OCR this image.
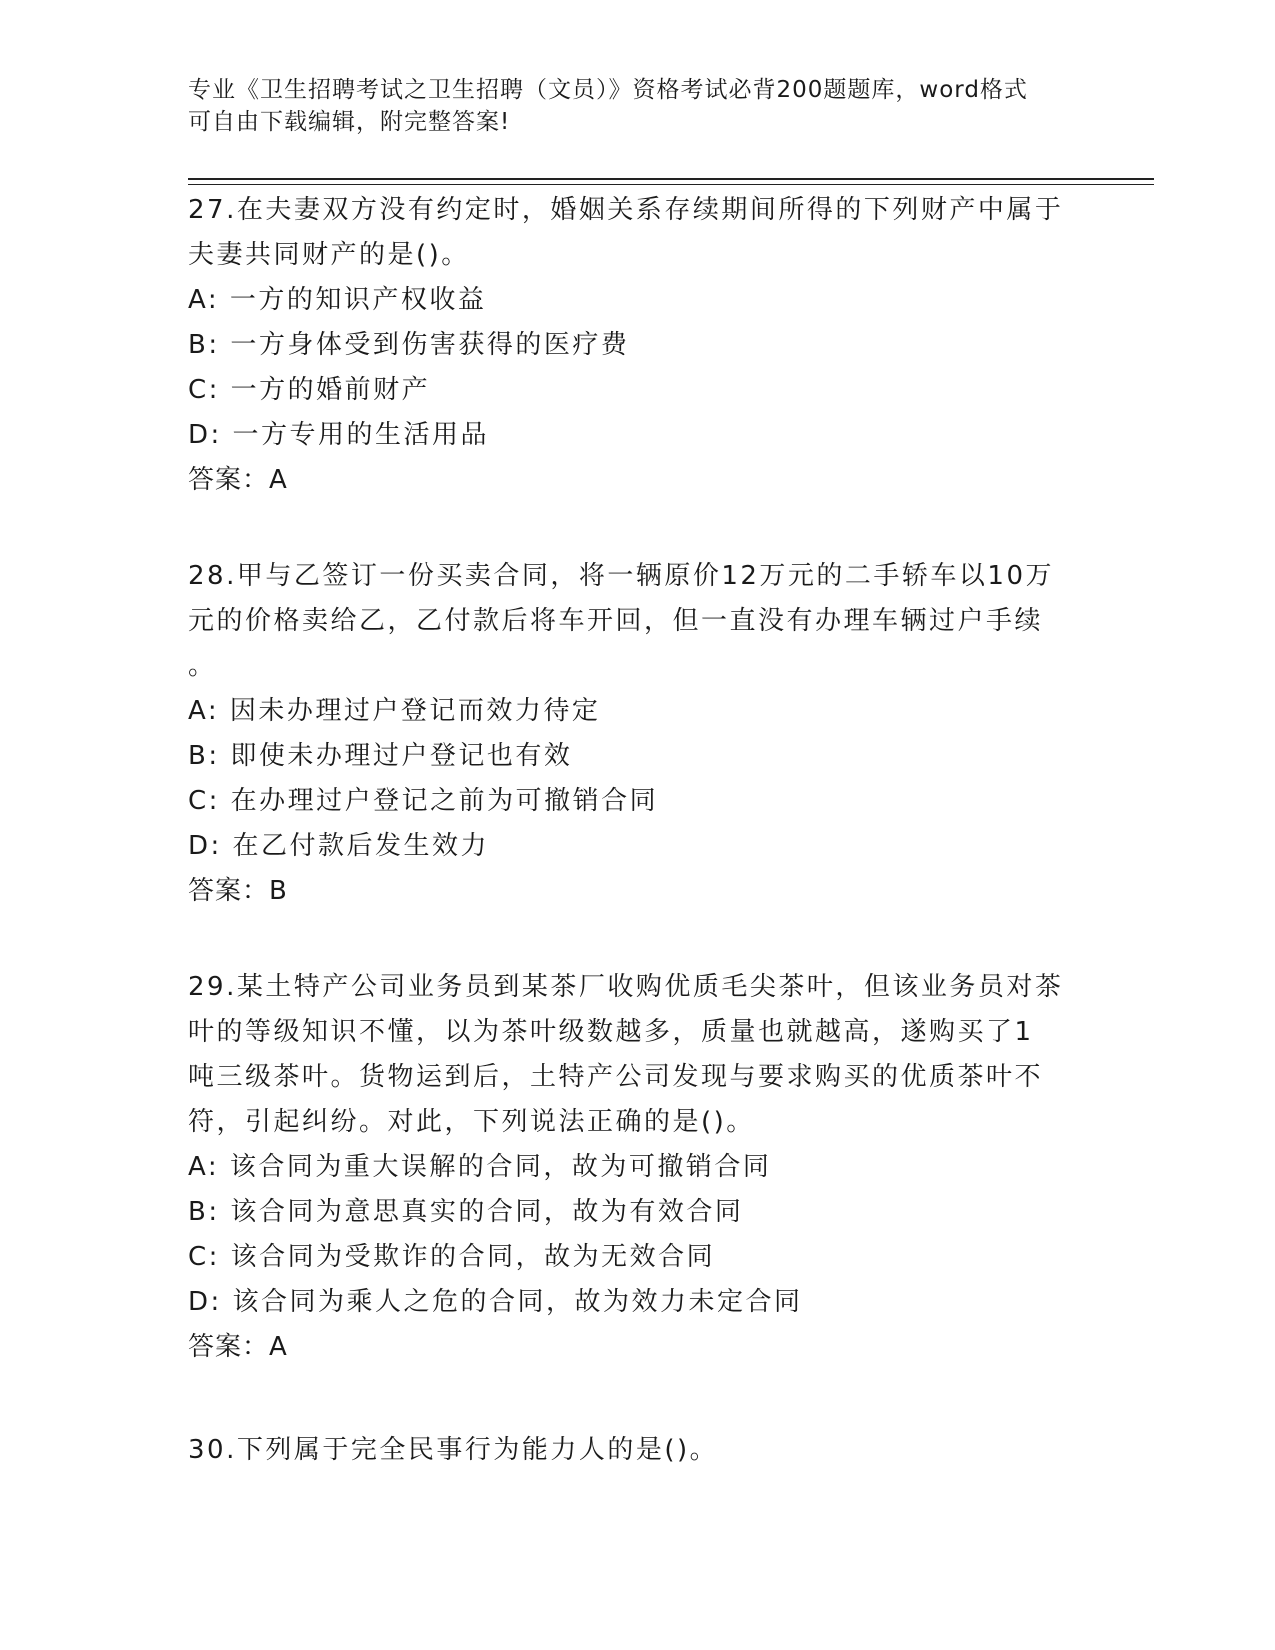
专业《卫生招聘考试之卫生招聘（文员）》资格考试必背200题题库，word格式
可自由下载编辑，附完整答案!
27.在夫妻双方没有约定时，婚姻关系存续期间所得的下列财产中属于
夫妻共同财产的是()。
A: 一方的知识产权收益
B: 一方身体受到伤害获得的医疗费
C: 一方的婚前财产
D: 一方专用的生活用品
答案：A
28.甲与乙签订一份买卖合同，将一辆原价12万元的二手轿车以10万
元的价格卖给乙，乙付款后将车开回，但一直没有办理车辆过户手续
。
A: 因未办理过户登记而效力待定
B: 即使未办理过户登记也有效
C: 在办理过户登记之前为可撤销合同
D: 在乙付款后发生效力
答案：B
29.某土特产公司业务员到某茶厂收购优质毛尖茶叶，但该业务员对茶
叶的等级知识不懂，以为茶叶级数越多，质量也就越高，遂购买了1
吨三级茶叶。货物运到后，土特产公司发现与要求购买的优质茶叶不
符，引起纠纷。对此，下列说法正确的是()。
A: 该合同为重大误解的合同，故为可撤销合同
B: 该合同为意思真实的合同，故为有效合同
C: 该合同为受欺诈的合同，故为无效合同
D: 该合同为乘人之危的合同，故为效力未定合同
答案：A
30.下列属于完全民事行为能力人的是()。
